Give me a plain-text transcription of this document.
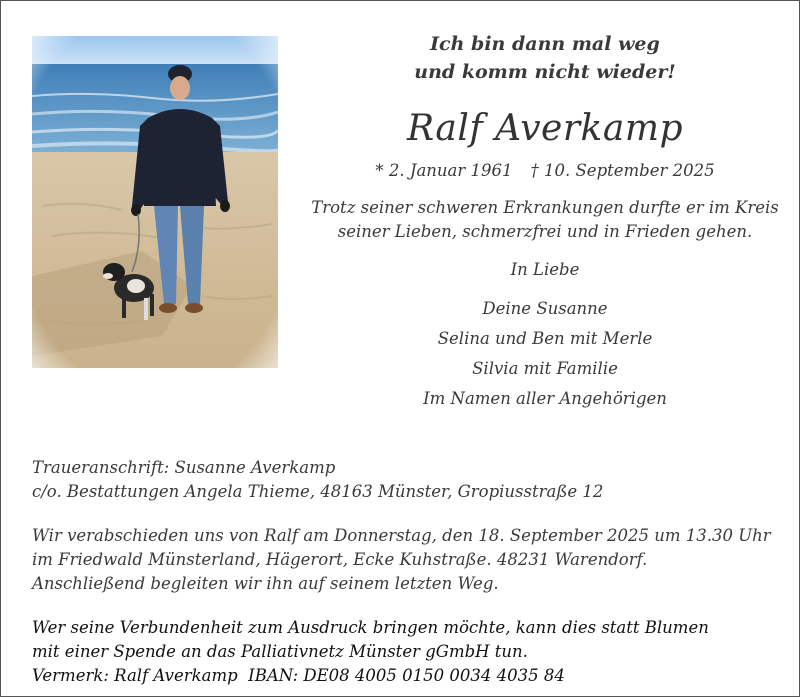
Ich bin dann mal weg
und komm nicht wieder!
Ralf Averkamp
* 2. Januar 1961 † 10. September 2025
Trotz seiner schweren Erkrankungen durfte er im Kreis
seiner Lieben, schmerzfrei und in Frieden gehen.
In Liebe
Deine Susanne
Selina und Ben mit Merle
Silvia mit Familie
Im Namen aller Angehörigen
Traueranschrift: Susanne Averkamp
c/o. Bestattungen Angela Thieme, 48163 Münster, Gropiusstraße 12
Wir verabschieden uns von Ralf am Donnerstag, den 18. September 2025 um 13.30 Uhr
im Friedwald Münsterland, Hägerort, Ecke Kuhstraße. 48231 Warendorf.
Anschließend begleiten wir ihn auf seinem letzten Weg.
Wer seine Verbundenheit zum Ausdruck bringen möchte, kann dies statt Blumen
mit einer Spende an das Palliativnetz Münster gGmbH tun.
Vermerk: Ralf Averkamp  IBAN: DE08 4005 0150 0034 4035 84
